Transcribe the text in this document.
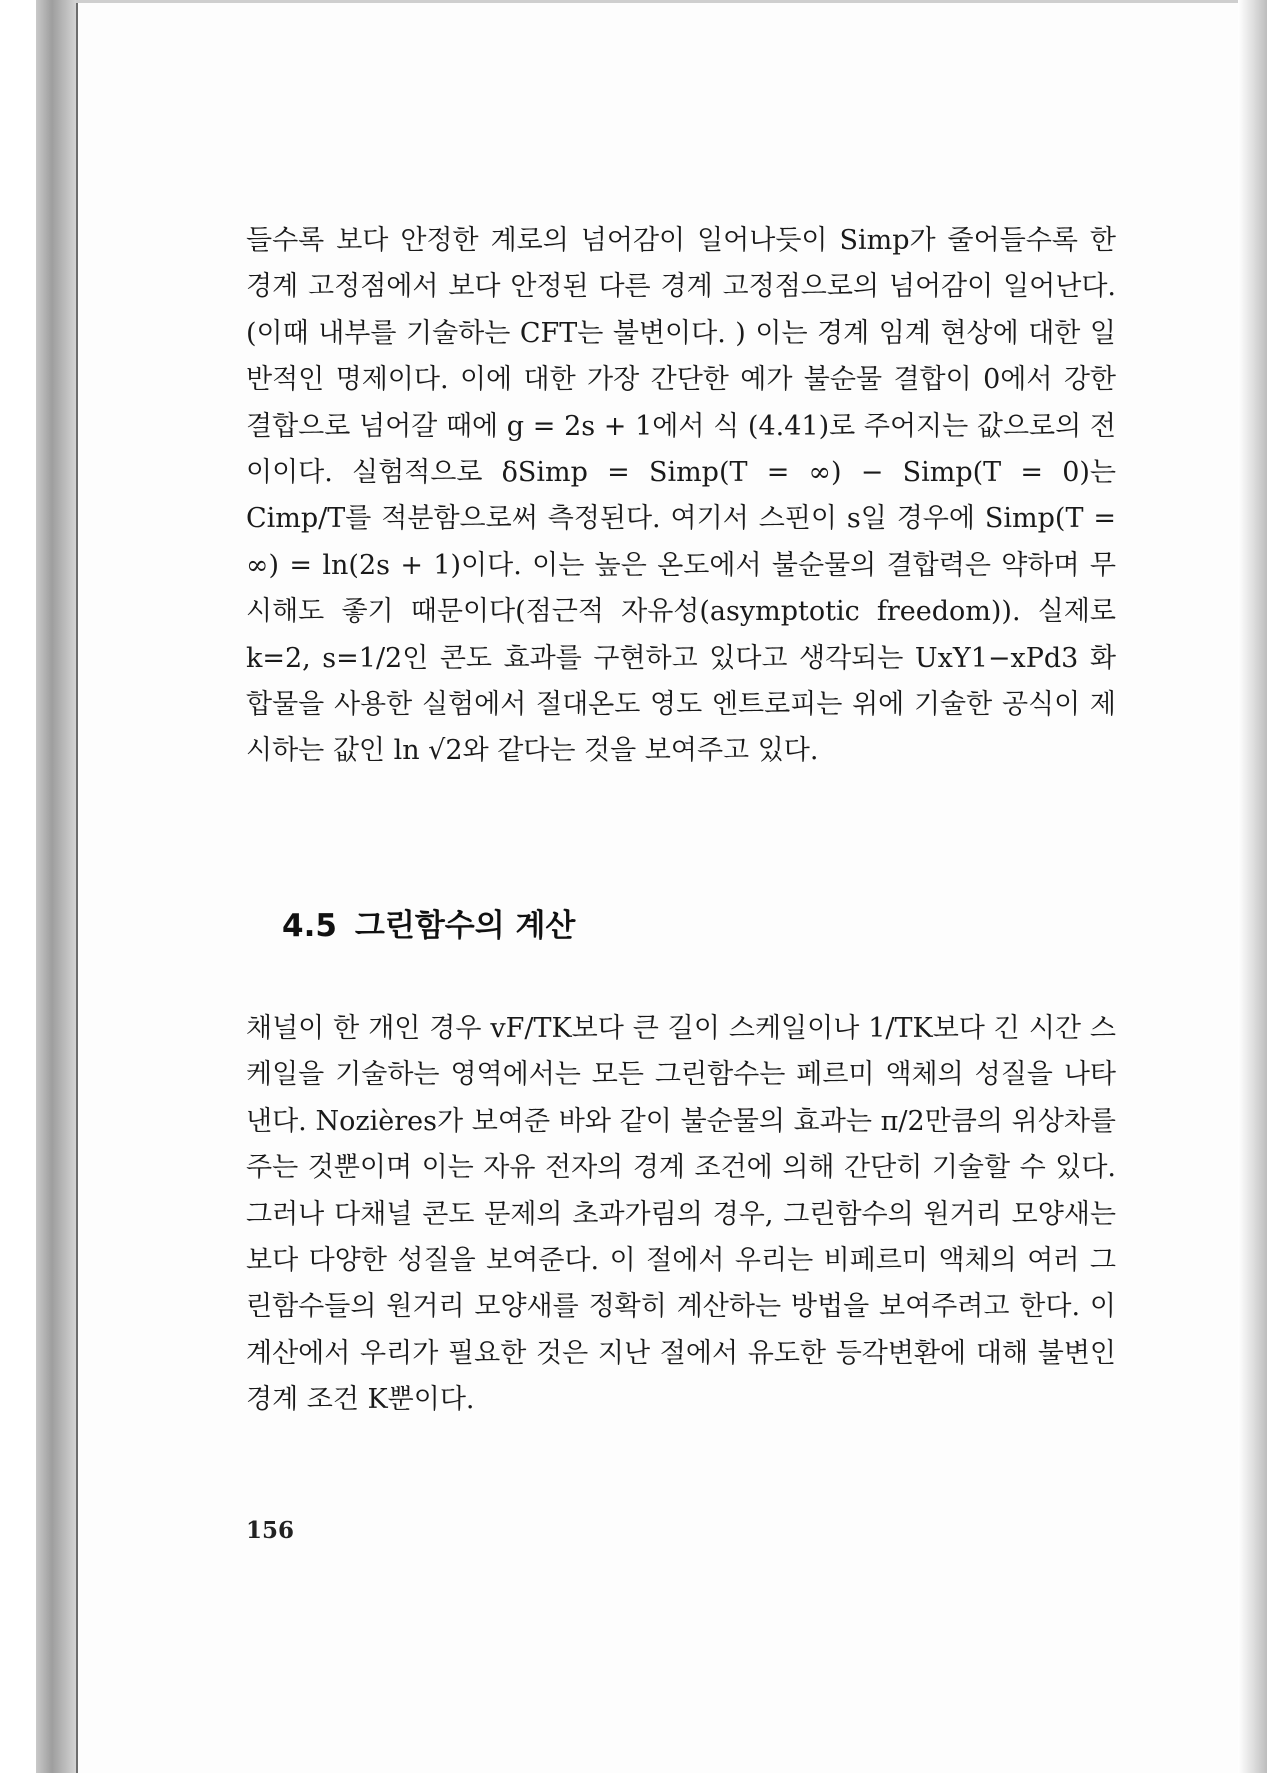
들수록 보다 안정한 계로의 넘어감이 일어나듯이 Simp가 줄어들수록 한 경계 고정점에서 보다 안정된 다른 경계 고정점으로의 넘어감이 일어난다. (이때 내부를 기술하는 CFT는 불변이다. ) 이는 경계 임계 현상에 대한 일반적인 명제이다. 이에 대한 가장 간단한 예가 불순물 결합이 0에서 강한 결합으로 넘어갈 때에 g = 2s + 1에서 식 (4.41)로 주어지는 값으로의 전이이다. 실험적으로 δSimp = Simp(T = ∞) − Simp(T = 0)는 Cimp/T를 적분함으로써 측정된다. 여기서 스핀이 s일 경우에 Simp(T = ∞) = ln(2s + 1)이다. 이는 높은 온도에서 불순물의 결합력은 약하며 무시해도 좋기 때문이다(점근적 자유성(asymptotic freedom)). 실제로 k=2, s=1/2인 콘도 효과를 구현하고 있다고 생각되는 UxY1−xPd3 화합물을 사용한 실험에서 절대온도 영도 엔트로피는 위에 기술한 공식이 제시하는 값인 ln √2와 같다는 것을 보여주고 있다.

4.5 그린함수의 계산

채널이 한 개인 경우 vF/TK보다 큰 길이 스케일이나 1/TK보다 긴 시간 스케일을 기술하는 영역에서는 모든 그린함수는 페르미 액체의 성질을 나타낸다. Nozières가 보여준 바와 같이 불순물의 효과는 π/2만큼의 위상차를 주는 것뿐이며 이는 자유 전자의 경계 조건에 의해 간단히 기술할 수 있다. 그러나 다채널 콘도 문제의 초과가림의 경우, 그린함수의 원거리 모양새는 보다 다양한 성질을 보여준다. 이 절에서 우리는 비페르미 액체의 여러 그린함수들의 원거리 모양새를 정확히 계산하는 방법을 보여주려고 한다. 이 계산에서 우리가 필요한 것은 지난 절에서 유도한 등각변환에 대해 불변인 경계 조건 K뿐이다.

156
